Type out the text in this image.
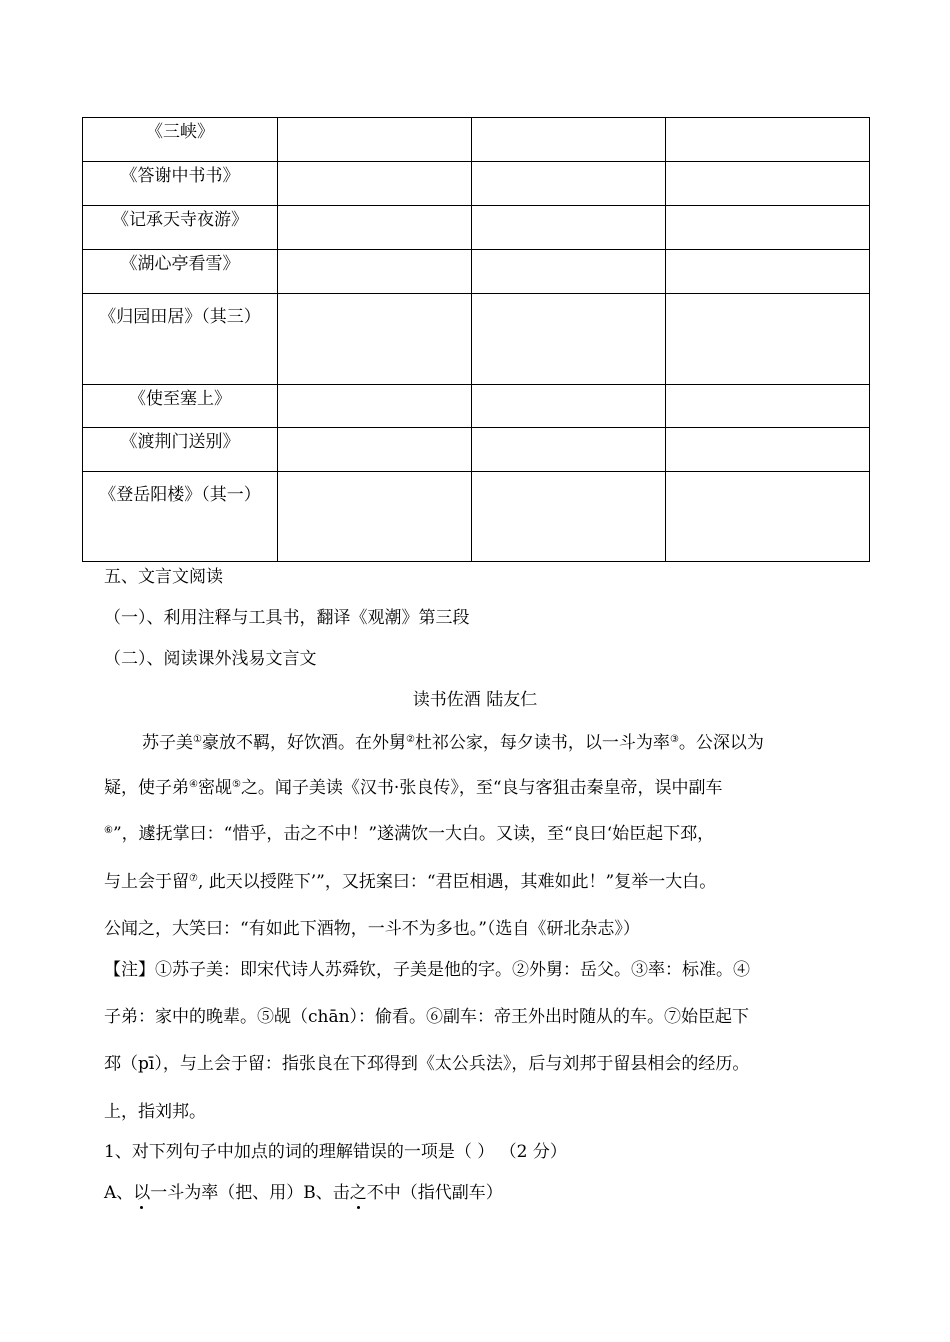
《三峡》			
《答谢中书书》			
《记承天寺夜游》			
《湖心亭看雪》			
《归园田居》（其三）			
《使至塞上》			
《渡荆门送别》			
《登岳阳楼》（其一）			
五、文言文阅读
（一）、利用注释与工具书，翻译《观潮》第三段
（二）、阅读课外浅易文言文
读书佐酒 陆友仁
苏子美①豪放不羁，好饮酒。在外舅②杜祁公家，每夕读书，以一斗为率③。公深以为
疑，使子弟④密觇⑤之。闻子美读《汉书·张良传》，至“良与客狙击秦皇帝，误中副车
⑥”，遽抚掌曰：“惜乎，击之不中！”遂满饮一大白。又读，至“良曰‘始臣起下邳，
与上会于留⑦, 此天以授陛下’”，又抚案曰：“君臣相遇，其难如此！”复举一大白。
公闻之，大笑曰：“有如此下酒物，一斗不为多也。”（选自《研北杂志》）
【注】①苏子美：即宋代诗人苏舜钦，子美是他的字。②外舅：岳父。③率：标准。④
子弟：家中的晚辈。⑤觇（chān）：偷看。⑥副车：帝王外出时随从的车。⑦始臣起下
邳（pī），与上会于留：指张良在下邳得到《太公兵法》，后与刘邦于留县相会的经历。
上，指刘邦。
1、对下列句子中加点的词的理解错误的一项是（ ） （2 分）
A、以一斗为率（把、用）B、击之不中（指代副车）
